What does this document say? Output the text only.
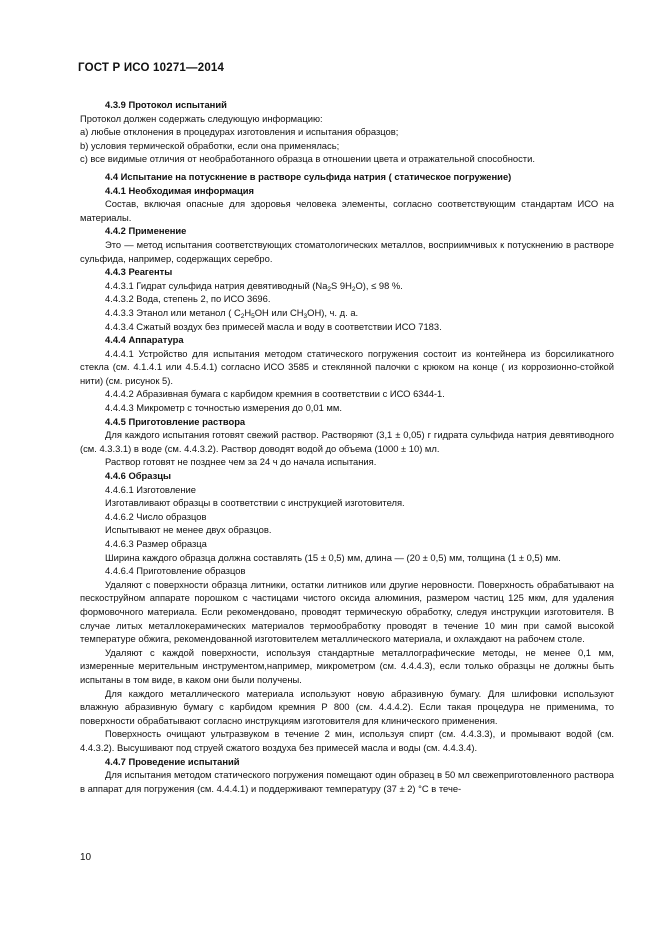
ГОСТ Р ИСО 10271—2014

4.3.9 Протокол испытаний

Протокол должен содержать следующую информацию:

a) любые отклонения в процедурах изготовления и испытания образцов;

b) условия термической обработки, если она применялась;

c) все видимые отличия от необработанного образца в отношении цвета и отражательной способности.

4.4 Испытание на потускнение в растворе сульфида натрия ( статическое погружение)

4.4.1 Необходимая информация

Состав, включая опасные для здоровья человека элементы, согласно соответствующим стандартам ИСО на материалы.

4.4.2 Применение

Это — метод испытания соответствующих стоматологических металлов, восприимчивых к потускнению в растворе сульфида, например, содержащих серебро.

4.4.3 Реагенты

4.4.3.1 Гидрат сульфида натрия девятиводный ($Na_2S$ $9H_2O$), ≤ 98 %.

4.4.3.2 Вода, степень 2, по ИСО 3696.

4.4.3.3 Этанол или метанол ( $C_2H_5OH$ или $CH_3OH$), ч. д. а.

4.4.3.4 Сжатый воздух без примесей масла и воду в соответствии ИСО 7183.

4.4.4 Аппаратура

4.4.4.1 Устройство для испытания методом статического погружения состоит из контейнера из борсиликатного стекла (см. 4.1.4.1 или 4.5.4.1) согласно ИСО 3585 и стеклянной палочки с крюком на конце ( из коррозионно-стойкой нити) (см. рисунок 5).

4.4.4.2 Абразивная бумага с карбидом кремния в соответствии с ИСО 6344-1.

4.4.4.3 Микрометр с точностью измерения до 0,01 мм.

4.4.5 Приготовление раствора

Для каждого испытания готовят свежий раствор. Растворяют (3,1 ± 0,05) г гидрата сульфида натрия девятиводного (см. 4.3.3.1) в воде (см. 4.4.3.2). Раствор доводят водой до объема (1000 ± 10) мл.

Раствор готовят не позднее чем за 24 ч до начала испытания.

4.4.6 Образцы

4.4.6.1 Изготовление

Изготавливают образцы в соответствии с инструкцией изготовителя.

4.4.6.2 Число образцов

Испытывают не менее двух образцов.

4.4.6.3 Размер образца

Ширина каждого образца должна составлять (15 ± 0,5) мм, длина — (20 ± 0,5) мм, толщина (1 ± 0,5) мм.

4.4.6.4 Приготовление образцов

Удаляют с поверхности образца литники, остатки литников или другие неровности. Поверхность обрабатывают на пескоструйном аппарате порошком с частицами чистого оксида алюминия, размером частиц 125 мкм, для удаления формовочного материала. Если рекомендовано, проводят термическую обработку, следуя инструкции изготовителя. В случае литых металлокерамических материалов термообработку проводят в течение 10 мин при самой высокой температуре обжига, рекомендованной изготовителем металлического материала, и охлаждают на рабочем столе.

Удаляют с каждой поверхности, используя стандартные металлографические методы, не менее 0,1 мм, измеренные мерительным инструментом,например, микрометром (см. 4.4.4.3), если только образцы не должны быть испытаны в том виде, в каком они были получены.

Для каждого металлического материала используют новую абразивную бумагу. Для шлифовки используют влажную абразивную бумагу с карбидом кремния Р 800 (см. 4.4.4.2). Если такая процедура не применима, то поверхности обрабатывают согласно инструкциям изготовителя для клинического применения.

Поверхность очищают ультразвуком в течение 2 мин, используя спирт (см. 4.4.3.3), и промывают водой (см. 4.4.3.2). Высушивают под струей сжатого воздуха без примесей масла и воды (см. 4.4.3.4).

4.4.7 Проведение испытаний

Для испытания методом статического погружения помещают один образец в 50 мл свежеприготовленного раствора в аппарат для погружения (см. 4.4.4.1) и поддерживают температуру (37 ± 2) °C в тече-

10
